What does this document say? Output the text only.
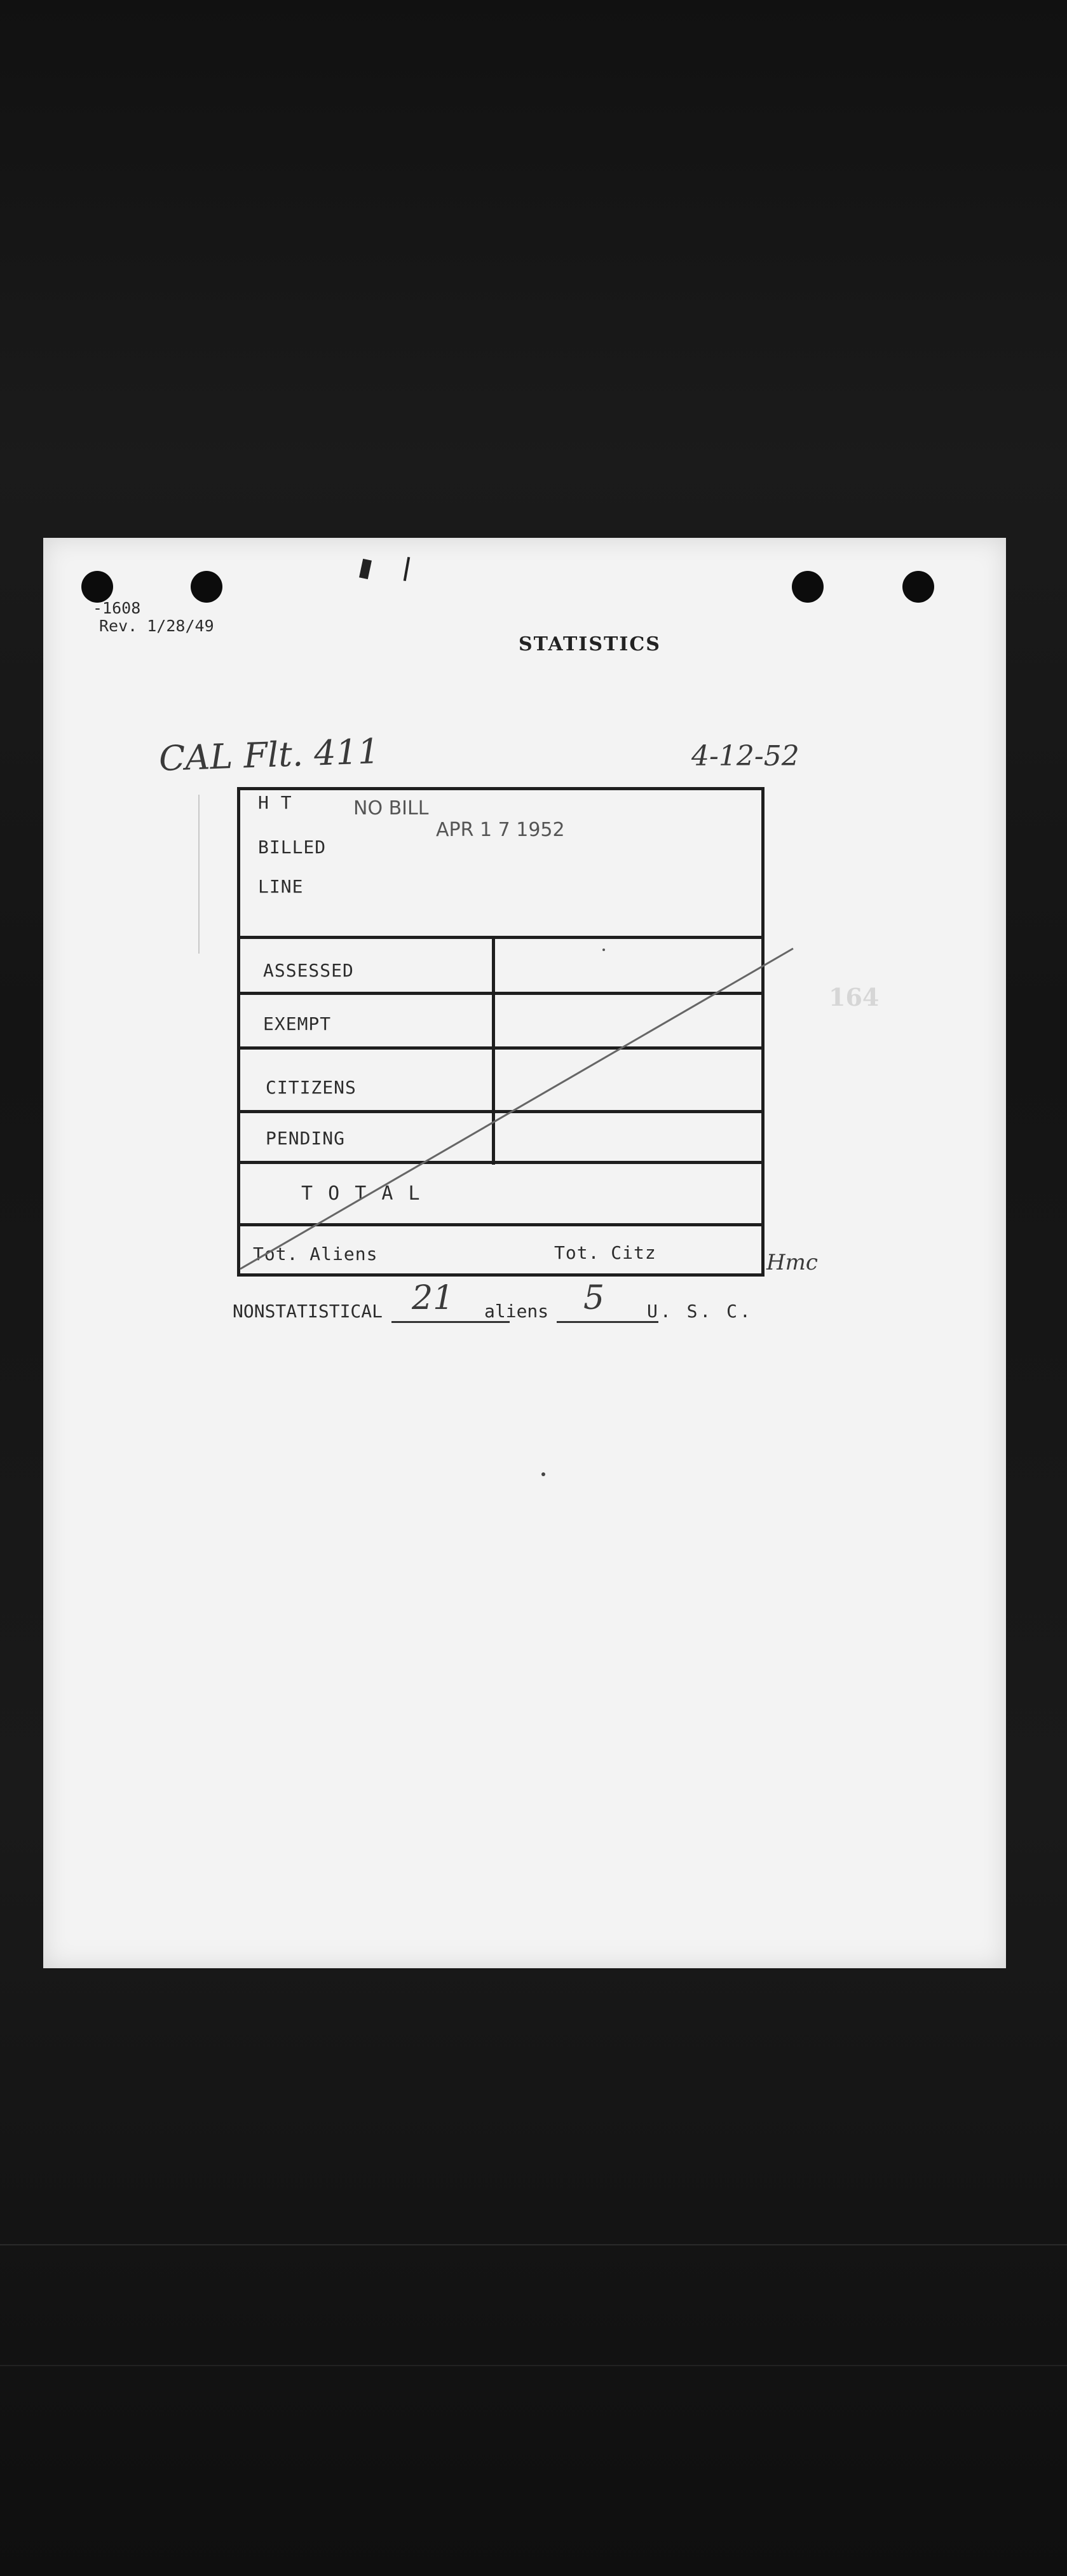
-1608
Rev. 1/28/49
STATISTICS
164
CAL Flt. 411	4-12-52
H T
BILLED
LINE
NO BILL
APR 1 7 1952
ASSESSED
EXEMPT
CITIZENS
PENDING
T O T A L
Tot. Aliens	Tot. Citz	Hmc
NONSTATISTICAL 21 aliens 5 U. S. C.
